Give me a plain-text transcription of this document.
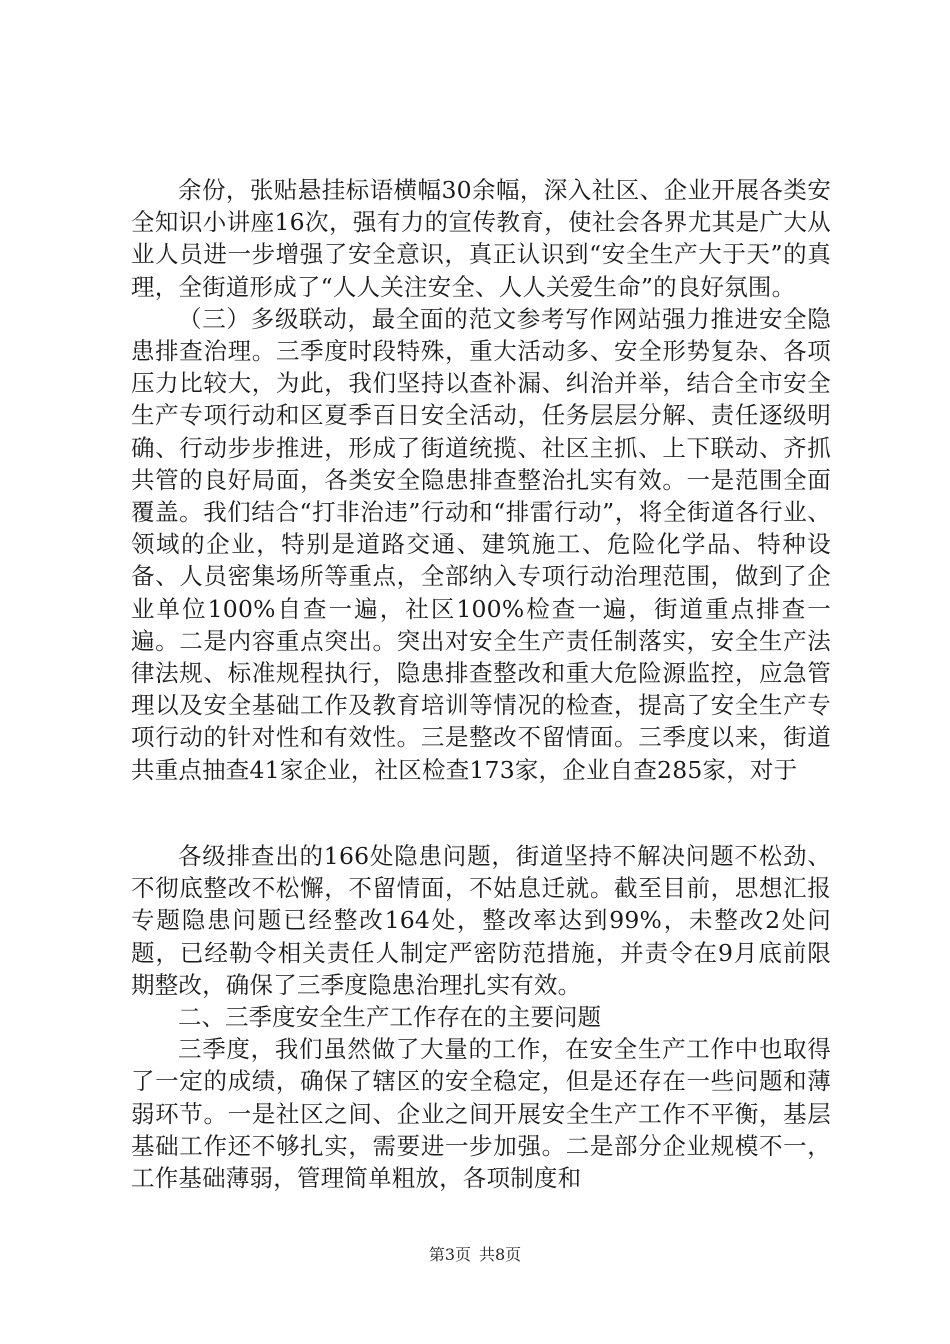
余份，张贴悬挂标语横幅30余幅，深入社区、企业开展各类安全知识小讲座16次，强有力的宣传教育，使社会各界尤其是广大从业人员进一步增强了安全意识，真正认识到“安全生产大于天”的真理，全街道形成了“人人关注安全、人人关爱生命”的良好氛围。

（三）多级联动，最全面的范文参考写作网站强力推进安全隐患排查治理。三季度时段特殊，重大活动多、安全形势复杂、各项压力比较大，为此，我们坚持以查补漏、纠治并举，结合全市安全生产专项行动和区夏季百日安全活动，任务层层分解、责任逐级明确、行动步步推进，形成了街道统揽、社区主抓、上下联动、齐抓共管的良好局面，各类安全隐患排查整治扎实有效。一是范围全面覆盖。我们结合“打非治违”行动和“排雷行动”，将全街道各行业、领域的企业，特别是道路交通、建筑施工、危险化学品、特种设备、人员密集场所等重点，全部纳入专项行动治理范围，做到了企业单位100%自查一遍，社区100%检查一遍，街道重点排查一遍。二是内容重点突出。突出对安全生产责任制落实，安全生产法律法规、标准规程执行，隐患排查整改和重大危险源监控，应急管理以及安全基础工作及教育培训等情况的检查，提高了安全生产专项行动的针对性和有效性。三是整改不留情面。三季度以来，街道共重点抽查41家企业，社区检查173家，企业自查285家，对于

各级排查出的166处隐患问题，街道坚持不解决问题不松劲、不彻底整改不松懈，不留情面，不姑息迁就。截至目前，思想汇报专题隐患问题已经整改164处，整改率达到99%，未整改2处问题，已经勒令相关责任人制定严密防范措施，并责令在9月底前限期整改，确保了三季度隐患治理扎实有效。

二、三季度安全生产工作存在的主要问题

三季度，我们虽然做了大量的工作，在安全生产工作中也取得了一定的成绩，确保了辖区的安全稳定，但是还存在一些问题和薄弱环节。一是社区之间、企业之间开展安全生产工作不平衡，基层基础工作还不够扎实，需要进一步加强。二是部分企业规模不一，工作基础薄弱，管理简单粗放，各项制度和

第3页 共8页
